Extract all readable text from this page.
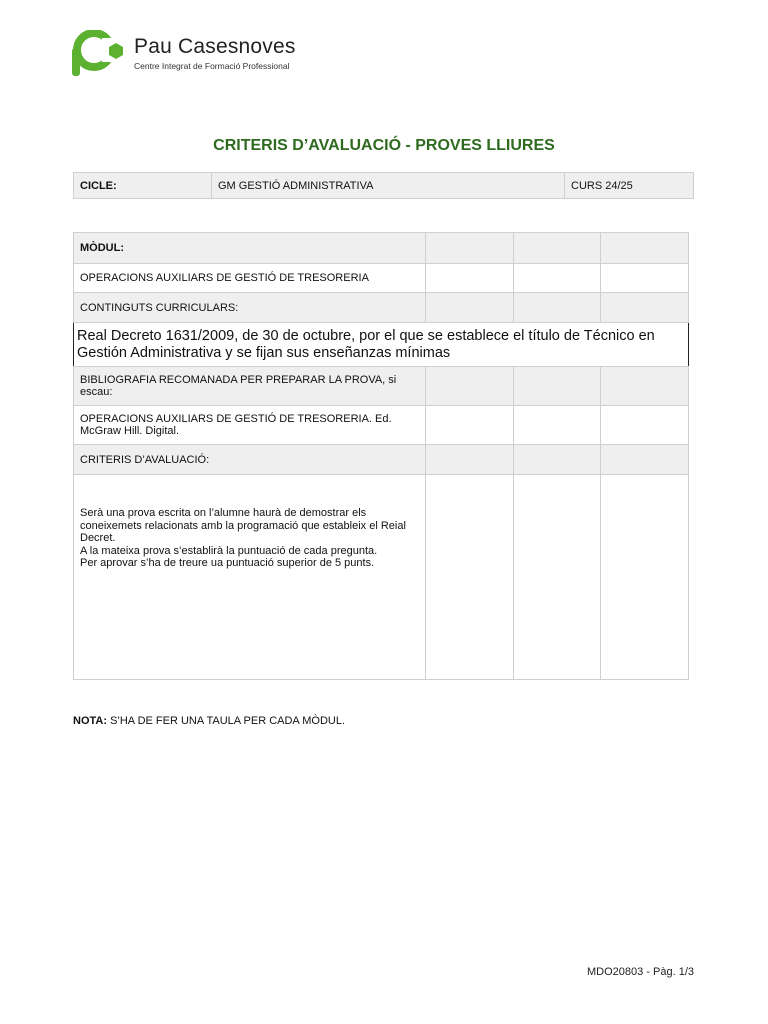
Pau Casesnoves
Centre Integrat de Formació Professional
CRITERIS D’AVALUACIÓ - PROVES LLIURES
CICLE:	GM GESTIÓ ADMINISTRATIVA	CURS 24/25
MÒDUL:			
OPERACIONS AUXILIARS DE GESTIÓ DE TRESORERIA			
CONTINGUTS CURRICULARS:			
Real Decreto 1631/2009, de 30 de octubre, por el que se establece el título de Técnico en Gestión Administrativa y se fijan sus enseñanzas mínimas			
BIBLIOGRAFIA RECOMANADA PER PREPARAR LA PROVA, si escau:			
OPERACIONS AUXILIARS DE GESTIÓ DE TRESORERIA. Ed. McGraw Hill. Digital.			
CRITERIS D’AVALUACIÓ:			

Serà una prova escrita on l’alumne haurà de demostrar els coneixemets relacionats amb la programació que estableix el Reial Decret.
A la mateixa prova s’establirà la puntuació de cada pregunta.
Per aprovar s’ha de treure ua puntuació superior de 5 punts.			

NOTA: S’HA DE FER UNA TAULA PER CADA MÒDUL.
MDO20803 - Pàg. 1/3
